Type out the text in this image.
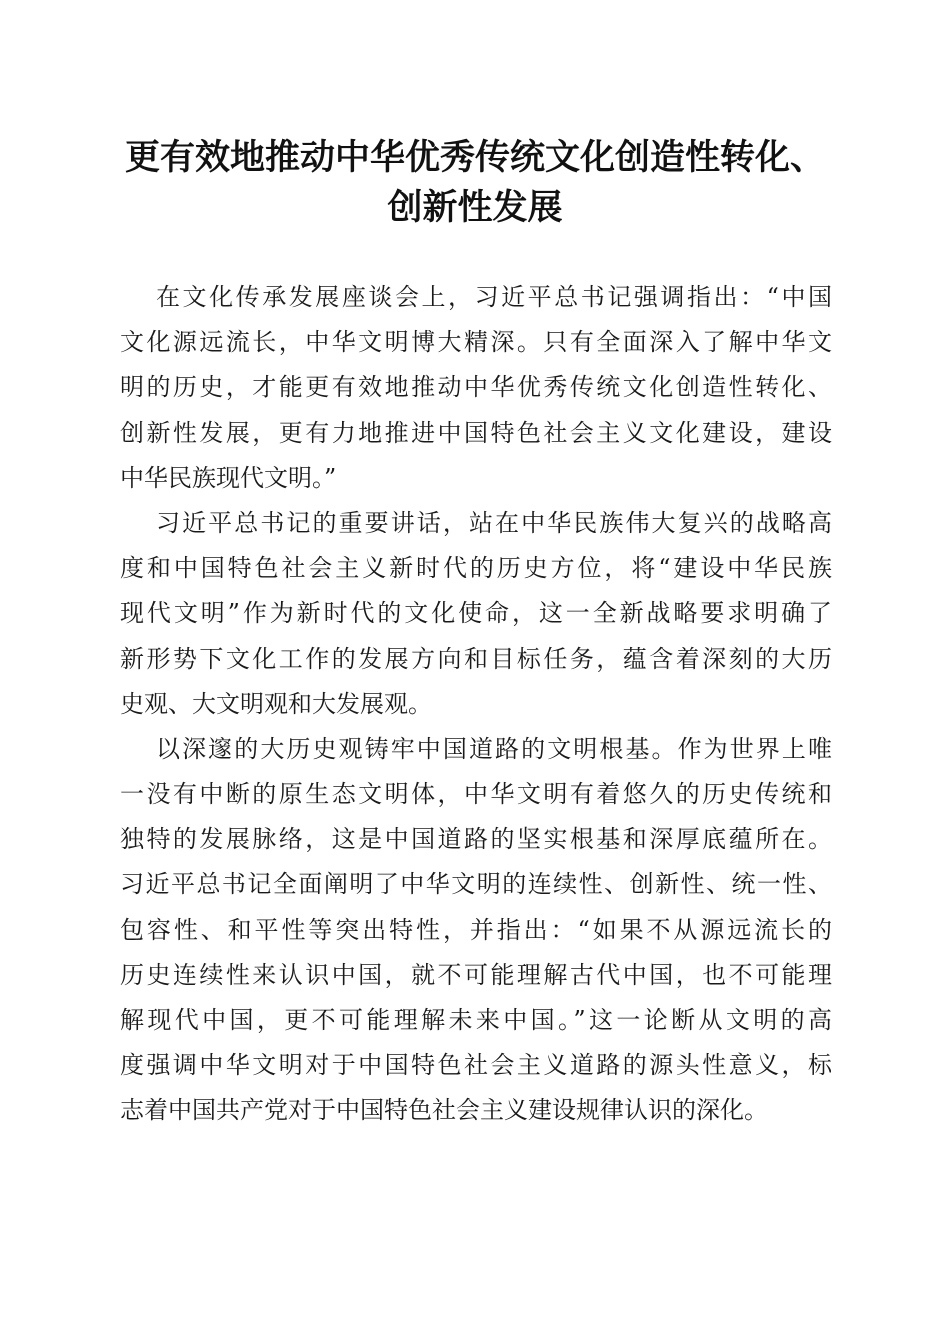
更有效地推动中华优秀传统文化创造性转化、
创新性发展
在文化传承发展座谈会上，习近平总书记强调指出：“中国
文化源远流长，中华文明博大精深。只有全面深入了解中华文
明的历史，才能更有效地推动中华优秀传统文化创造性转化、
创新性发展，更有力地推进中国特色社会主义文化建设，建设
中华民族现代文明。”
习近平总书记的重要讲话，站在中华民族伟大复兴的战略高
度和中国特色社会主义新时代的历史方位，将“建设中华民族
现代文明”作为新时代的文化使命，这一全新战略要求明确了
新形势下文化工作的发展方向和目标任务，蕴含着深刻的大历
史观、大文明观和大发展观。
以深邃的大历史观铸牢中国道路的文明根基。作为世界上唯
一没有中断的原生态文明体，中华文明有着悠久的历史传统和
独特的发展脉络，这是中国道路的坚实根基和深厚底蕴所在。
习近平总书记全面阐明了中华文明的连续性、创新性、统一性、
包容性、和平性等突出特性，并指出：“如果不从源远流长的
历史连续性来认识中国，就不可能理解古代中国，也不可能理
解现代中国，更不可能理解未来中国。”这一论断从文明的高
度强调中华文明对于中国特色社会主义道路的源头性意义，标
志着中国共产党对于中国特色社会主义建设规律认识的深化。
